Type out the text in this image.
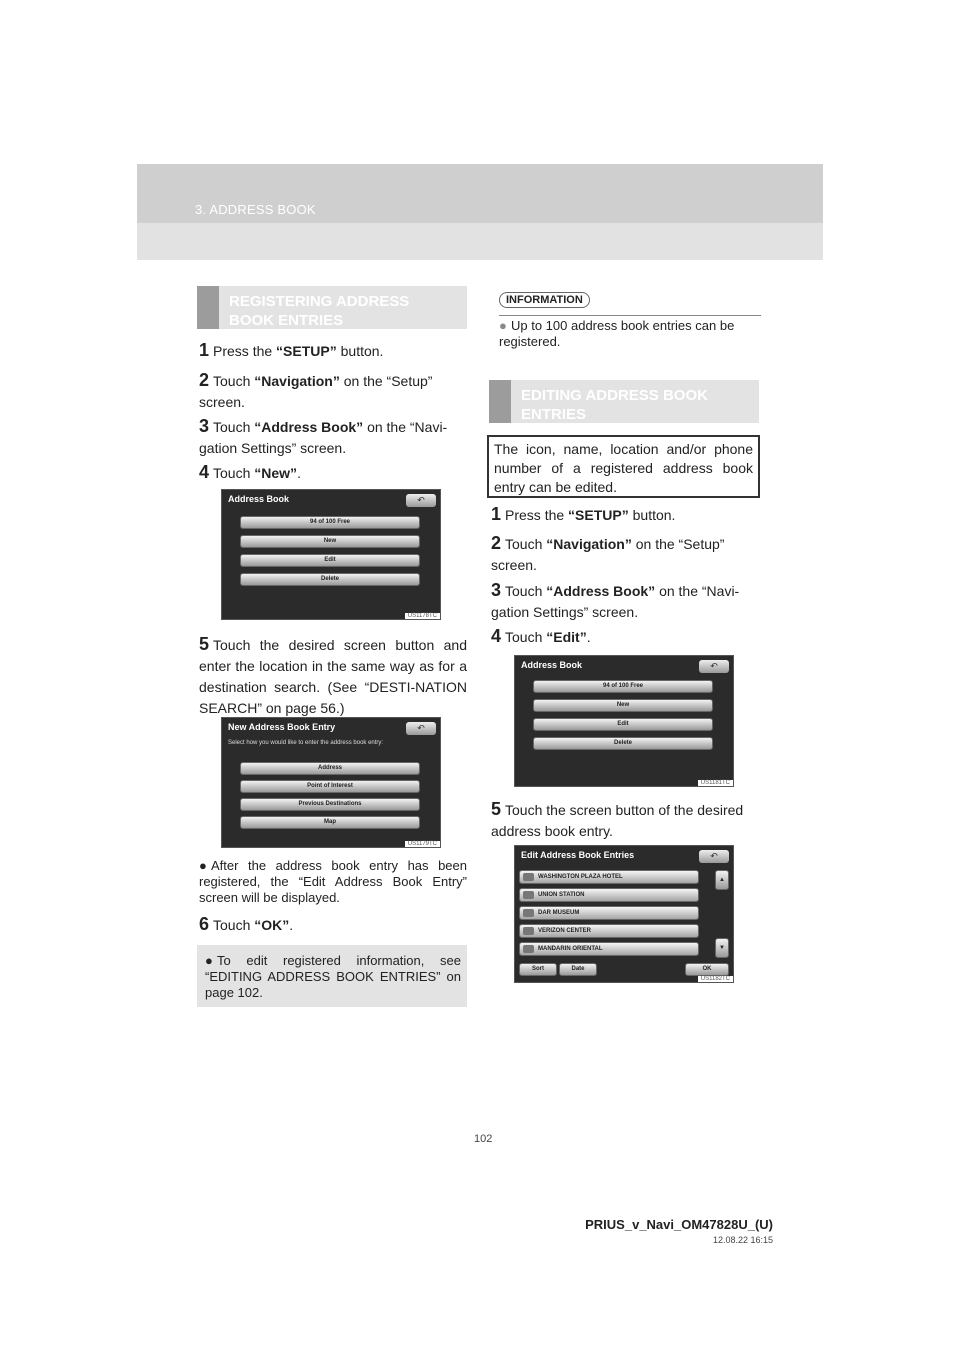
3. ADDRESS BOOK
REGISTERING ADDRESS
BOOK ENTRIES
1 Press the “SETUP” button.
2 Touch “Navigation” on the “Setup” screen.
3 Touch “Address Book” on the “Navi-gation Settings” screen.
4 Touch “New”.
Address Book	↶
94 of 100 Free
New
Edit
Delete
US1178TC
5 Touch the desired screen button and enter the location in the same way as for a destination search. (See “DESTI-NATION SEARCH” on page 56.)
New Address Book Entry	↶
Select how you would like to enter the address book entry:
Address
Point of Interest
Previous Destinations
Map
US1179TC
● After the address book entry has been registered, the “Edit Address Book Entry” screen will be displayed.
6 Touch “OK”.
● To edit registered information, see “EDITING ADDRESS BOOK ENTRIES” on page 102.
INFORMATION
● Up to 100 address book entries can be registered.
EDITING ADDRESS BOOK
ENTRIES
The icon, name, location and/or phone number of a registered address book entry can be edited.
1 Press the “SETUP” button.
2 Touch “Navigation” on the “Setup” screen.
3 Touch “Address Book” on the “Navi-gation Settings” screen.
4 Touch “Edit”.
Address Book	↶
94 of 100 Free
New
Edit
Delete
US1181TC
5 Touch the screen button of the desired address book entry.
Edit Address Book Entries	↶
WASHINGTON PLAZA HOTEL
UNION STATION
DAR MUSEUM
VERIZON CENTER
MANDARIN ORIENTAL
▲
▼
Sort	Date	OK
US1182TC
102
PRIUS_v_Navi_OM47828U_(U)
12.08.22 16:15
